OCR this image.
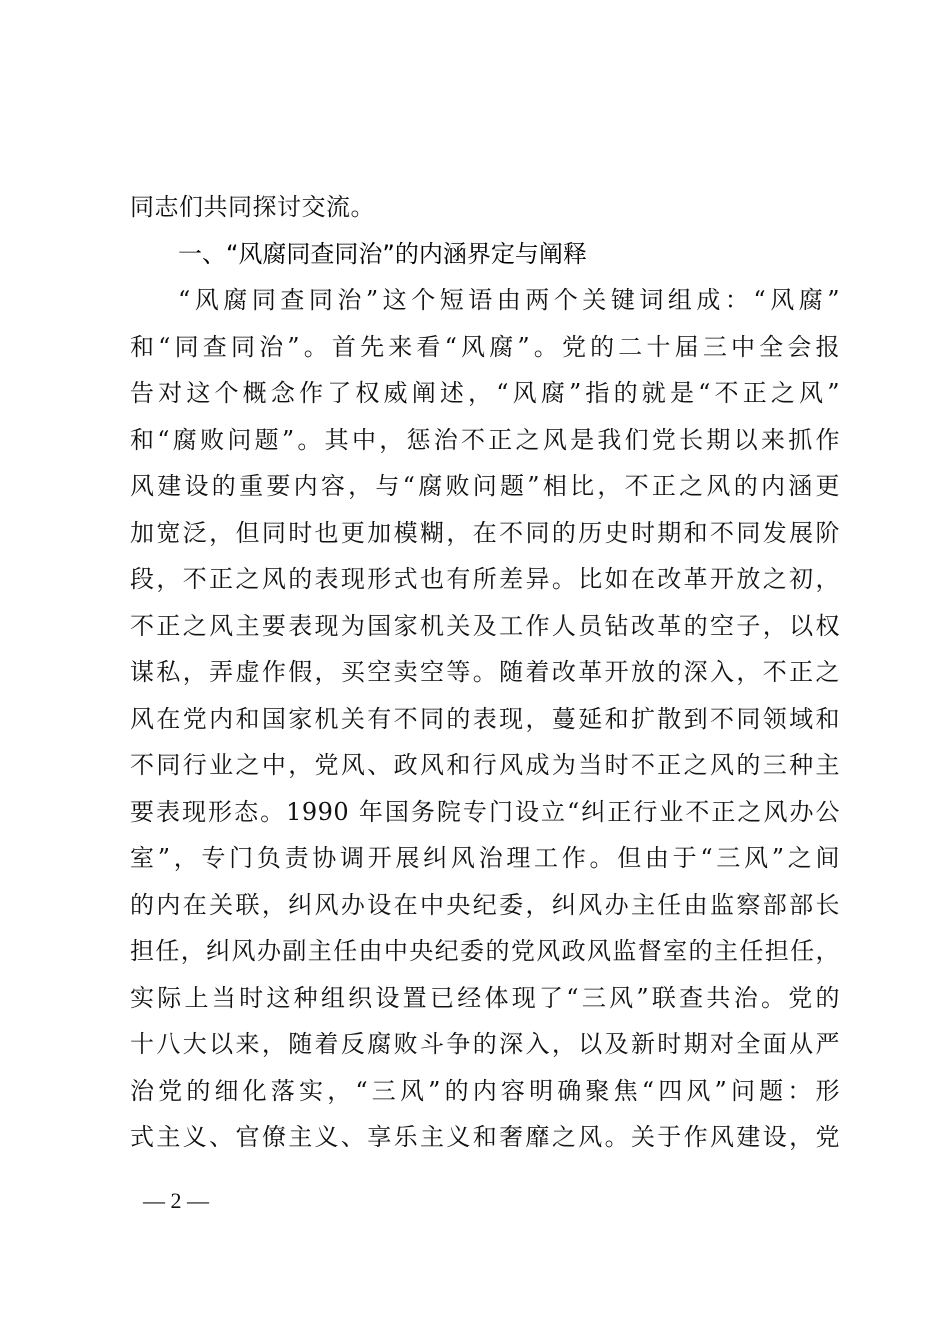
同志们共同探讨交流。
一、“风腐同查同治”的内涵界定与阐释
“风腐同查同治”这个短语由两个关键词组成：“风腐”
和“同查同治”。首先来看“风腐”。党的二十届三中全会报
告对这个概念作了权威阐述，“风腐”指的就是“不正之风”
和“腐败问题”。其中，惩治不正之风是我们党长期以来抓作
风建设的重要内容，与“腐败问题”相比，不正之风的内涵更
加宽泛，但同时也更加模糊，在不同的历史时期和不同发展阶
段，不正之风的表现形式也有所差异。比如在改革开放之初，
不正之风主要表现为国家机关及工作人员钻改革的空子，以权
谋私，弄虚作假，买空卖空等。随着改革开放的深入，不正之
风在党内和国家机关有不同的表现，蔓延和扩散到不同领域和
不同行业之中，党风、政风和行风成为当时不正之风的三种主
要表现形态。1990 年国务院专门设立“纠正行业不正之风办公
室”，专门负责协调开展纠风治理工作。但由于“三风”之间
的内在关联，纠风办设在中央纪委，纠风办主任由监察部部长
担任，纠风办副主任由中央纪委的党风政风监督室的主任担任，
实际上当时这种组织设置已经体现了“三风”联查共治。党的
十八大以来，随着反腐败斗争的深入，以及新时期对全面从严
治党的细化落实，“三风”的内容明确聚焦“四风”问题：形
式主义、官僚主义、享乐主义和奢靡之风。关于作风建设，党
— 2 —
